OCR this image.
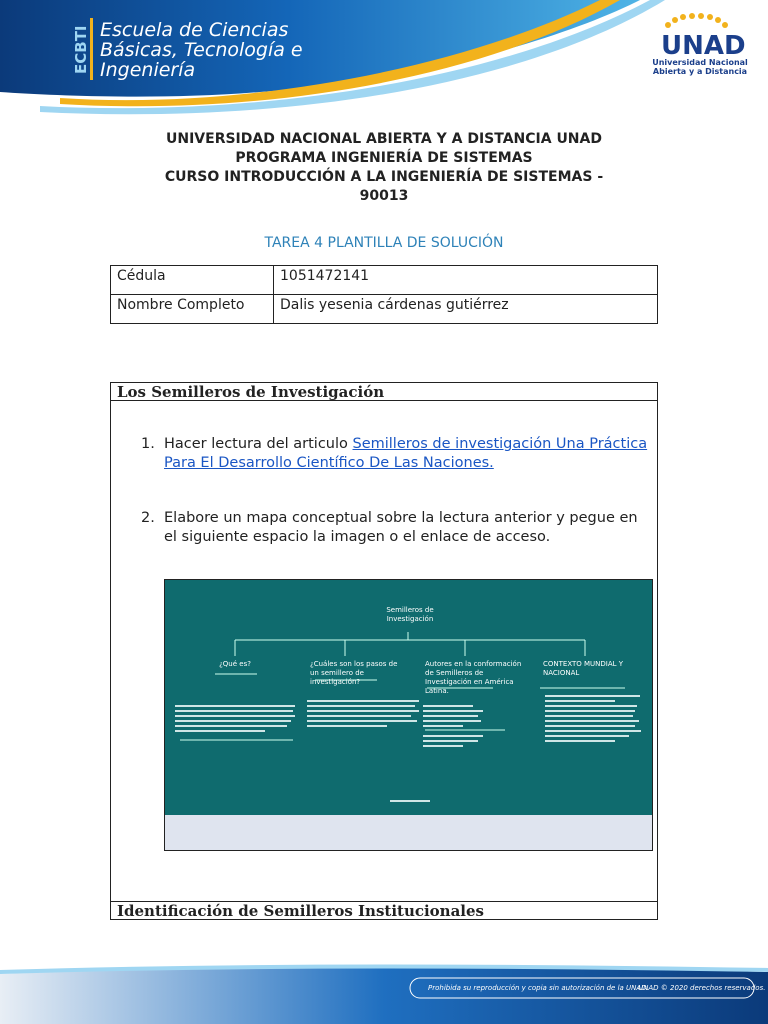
ECBTI Escuela de Ciencias
Básicas, Tecnología e
Ingeniería
UNAD
Universidad Nacional
Abierta y a Distancia
UNIVERSIDAD NACIONAL ABIERTA Y A DISTANCIA UNAD
PROGRAMA INGENIERÍA DE SISTEMAS
CURSO INTRODUCCIÓN A LA INGENIERÍA DE SISTEMAS -
90013
TAREA 4 PLANTILLA DE SOLUCIÓN
Cédula	1051472141
Nombre Completo	Dalis yesenia cárdenas gutiérrez
Los Semilleros de Investigación
1. Hacer lectura del articulo Semilleros de investigación Una Práctica Para El Desarrollo Científico De Las Naciones.
2. Elabore un mapa conceptual sobre la lectura anterior y pegue en el siguiente espacio la imagen o el enlace de acceso.
Semilleros de Investigación
¿Qué es?	¿Cuáles son los pasos de un semillero de investigación?
Autores en la conformación de Semilleros de Investigación en América Latina.
CONTEXTO MUNDIAL Y NACIONAL
Identificación de Semilleros Institucionales
Prohibida su reproducción y copia sin autorización de la UNAD.
UNAD © 2020 derechos reservados.
